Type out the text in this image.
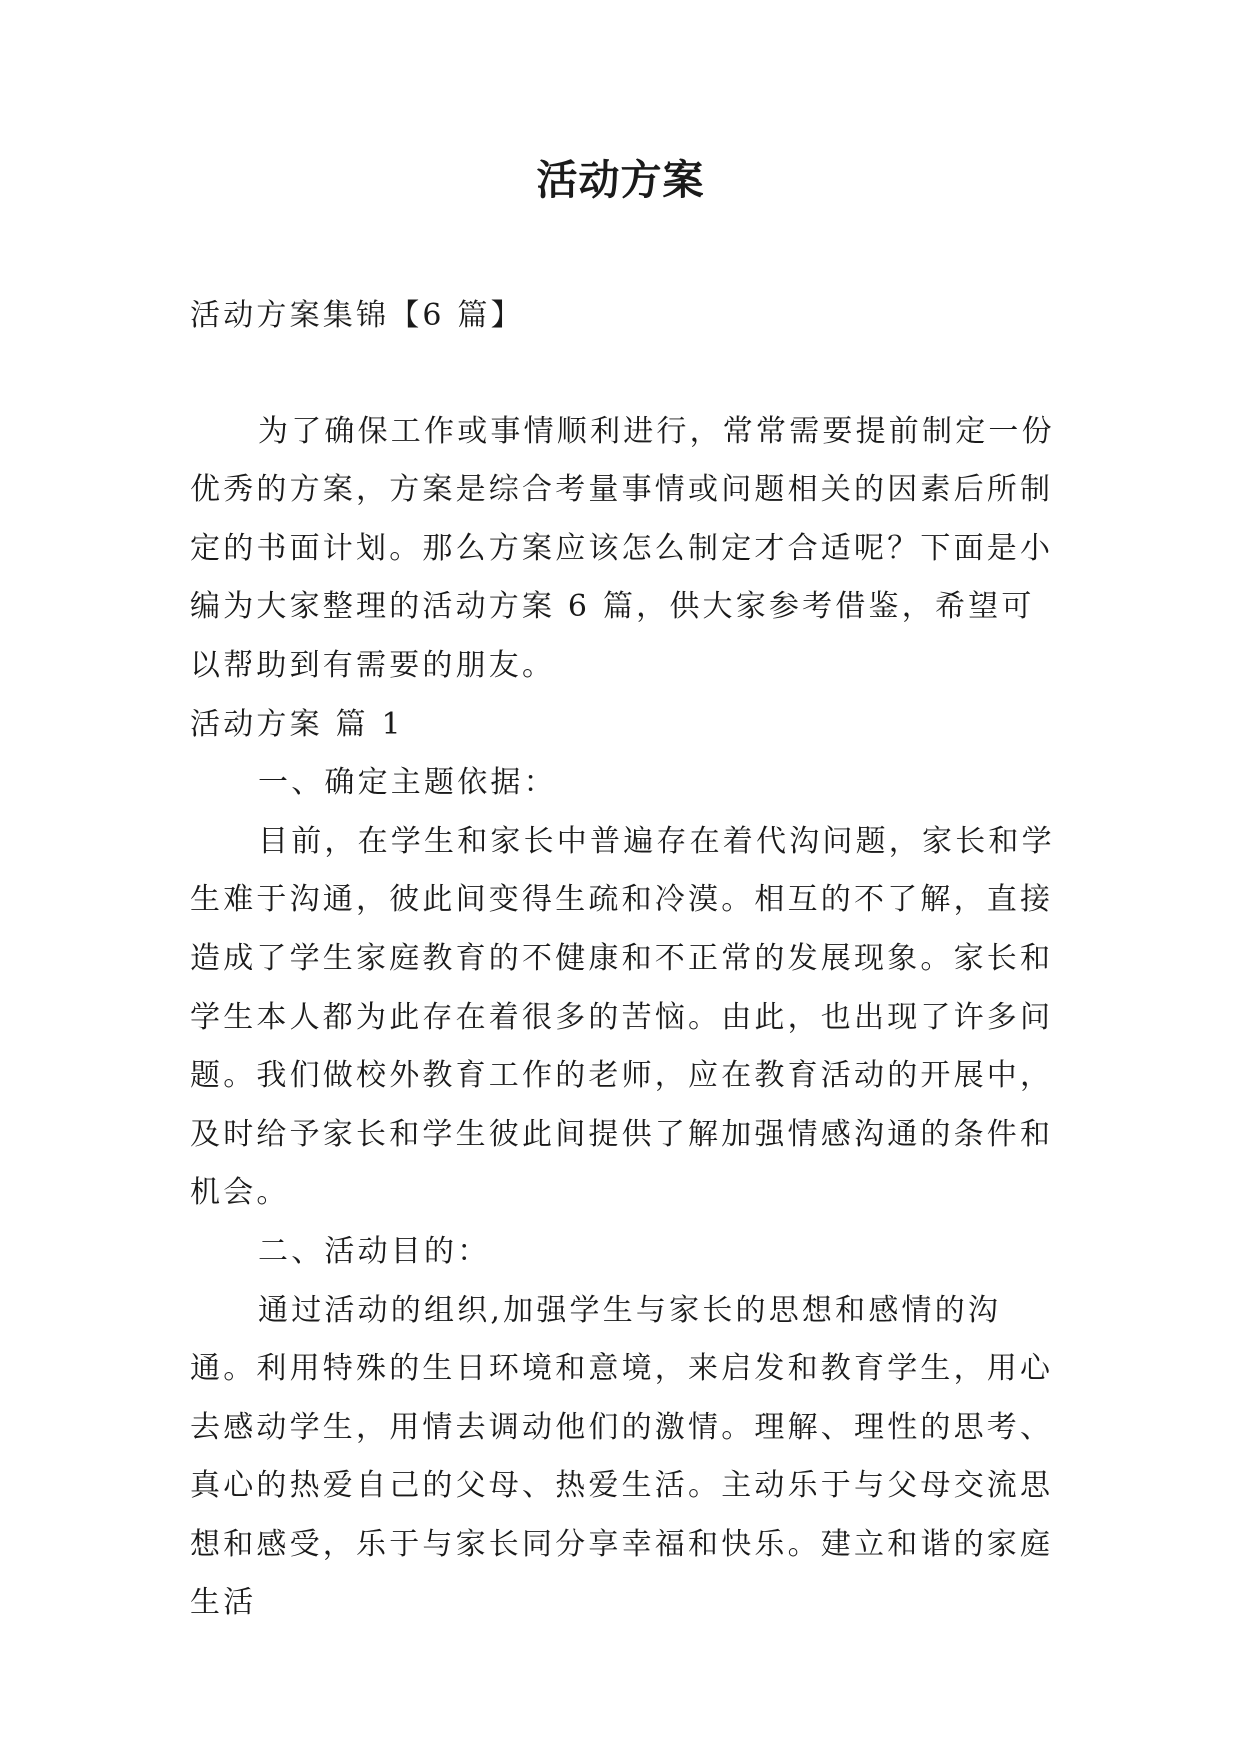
活动方案

活动方案集锦【6 篇】

为了确保工作或事情顺利进行，常常需要提前制定一份优秀的方案，方案是综合考量事情或问题相关的因素后所制定的书面计划。那么方案应该怎么制定才合适呢？下面是小编为大家整理的活动方案 6 篇，供大家参考借鉴，希望可以帮助到有需要的朋友。

活动方案 篇 1

一、确定主题依据：

目前，在学生和家长中普遍存在着代沟问题，家长和学生难于沟通，彼此间变得生疏和冷漠。相互的不了解，直接造成了学生家庭教育的不健康和不正常的发展现象。家长和学生本人都为此存在着很多的苦恼。由此，也出现了许多问题。我们做校外教育工作的老师，应在教育活动的开展中，及时给予家长和学生彼此间提供了解加强情感沟通的条件和机会。

二、活动目的：

通过活动的组织,加强学生与家长的思想和感情的沟通。利用特殊的生日环境和意境，来启发和教育学生，用心去感动学生，用情去调动他们的激情。理解、理性的思考、真心的热爱自己的父母、热爱生活。主动乐于与父母交流思想和感受，乐于与家长同分享幸福和快乐。建立和谐的家庭生活
